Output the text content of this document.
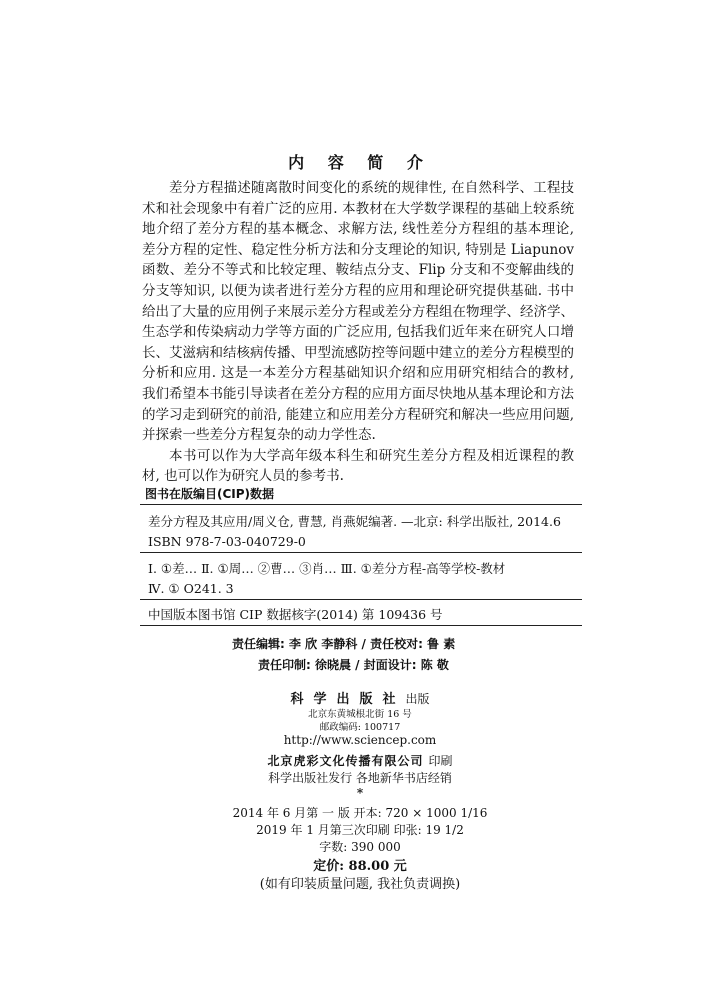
内 容 简 介

差分方程描述随离散时间变化的系统的规律性, 在自然科学、工程技术和社会现象中有着广泛的应用. 本教材在大学数学课程的基础上较系统地介绍了差分方程的基本概念、求解方法, 线性差分方程组的基本理论, 差分方程的定性、稳定性分析方法和分支理论的知识, 特别是 Liapunov 函数、差分不等式和比较定理、鞍结点分支、Flip 分支和不变解曲线的分支等知识, 以便为读者进行差分方程的应用和理论研究提供基础. 书中给出了大量的应用例子来展示差分方程或差分方程组在物理学、经济学、生态学和传染病动力学等方面的广泛应用, 包括我们近年来在研究人口增长、艾滋病和结核病传播、甲型流感防控等问题中建立的差分方程模型的分析和应用. 这是一本差分方程基础知识介绍和应用研究相结合的教材, 我们希望本书能引导读者在差分方程的应用方面尽快地从基本理论和方法的学习走到研究的前沿, 能建立和应用差分方程研究和解决一些应用问题, 并探索一些差分方程复杂的动力学性态.

本书可以作为大学高年级本科生和研究生差分方程及相近课程的教材, 也可以作为研究人员的参考书.

图书在版编目(CIP)数据
差分方程及其应用/周义仓, 曹慧, 肖燕妮编著. —北京: 科学出版社, 2014.6
ISBN 978-7-03-040729-0
Ⅰ. ①差… Ⅱ. ①周… ②曹… ③肖… Ⅲ. ①差分方程-高等学校-教材
Ⅳ. ① O241. 3
中国版本图书馆 CIP 数据核字(2014) 第 109436 号
责任编辑: 李 欣 李静科 / 责任校对: 鲁 素
责任印制: 徐晓晨 / 封面设计: 陈 敬
科学出版社出版
北京东黄城根北街 16 号
邮政编码: 100717
http://www.sciencep.com
北京虎彩文化传播有限公司 印刷
科学出版社发行 各地新华书店经销
*
2014 年 6 月第 一 版 开本: 720 × 1000 1/16
2019 年 1 月第三次印刷 印张: 19 1/2
字数: 390 000
定价: 88.00 元
(如有印装质量问题, 我社负责调换)
